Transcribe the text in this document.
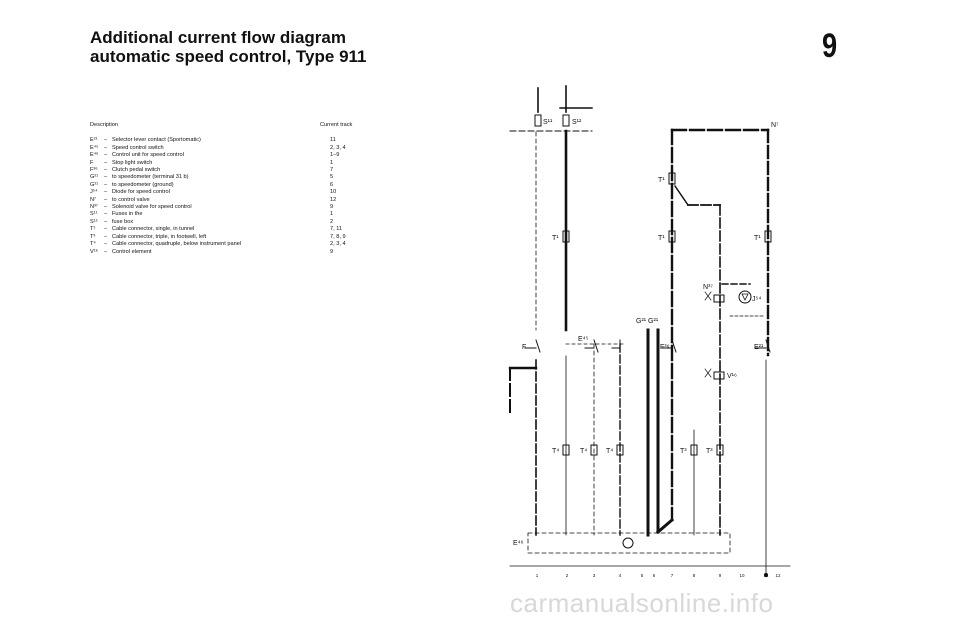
Additional current flow diagram
automatic speed control, Type 911	9
Description	Current track
E²¹	– Selector lever contact (Sportomatic)	11
E⁴⁵ – Speed control switch	2, 3, 4
E⁴⁶ – Control unit for speed control	1–9
F	– Stop light switch	1
F³⁶	– Clutch pedal switch	7
G²¹	– to speedometer (terminal 31 b)	5
G²¹	– to speedometer (ground)	6
J⁵⁴	– Diode for speed control	10
N⁷	– to control valve	12
N³⁷	– Solenoid valve for speed control	9
S¹¹	– Fuses in the	1
S¹²	– fuse box	2
T¹	– Cable connector, single, in tunnel	7, 11
T³	– Cable connector, triple, in footwell, left	7, 8, 9
T⁴	– Cable connector, quadruple, below instrument panel	2, 3, 4
V¹⁶	– Control element	9
S¹¹	S¹²	N⁷
T¹
T¹	T¹	T¹
N³⁷
J⁵⁴
G²¹ G²¹
E⁴⁵
F	F³⁶	E²¹
V¹⁶
T⁴	T⁴	T⁴	T³	T³
E⁴⁶
1	2	3	4	5 6	7	8	9	10	11 12
carmanualsonline.info
